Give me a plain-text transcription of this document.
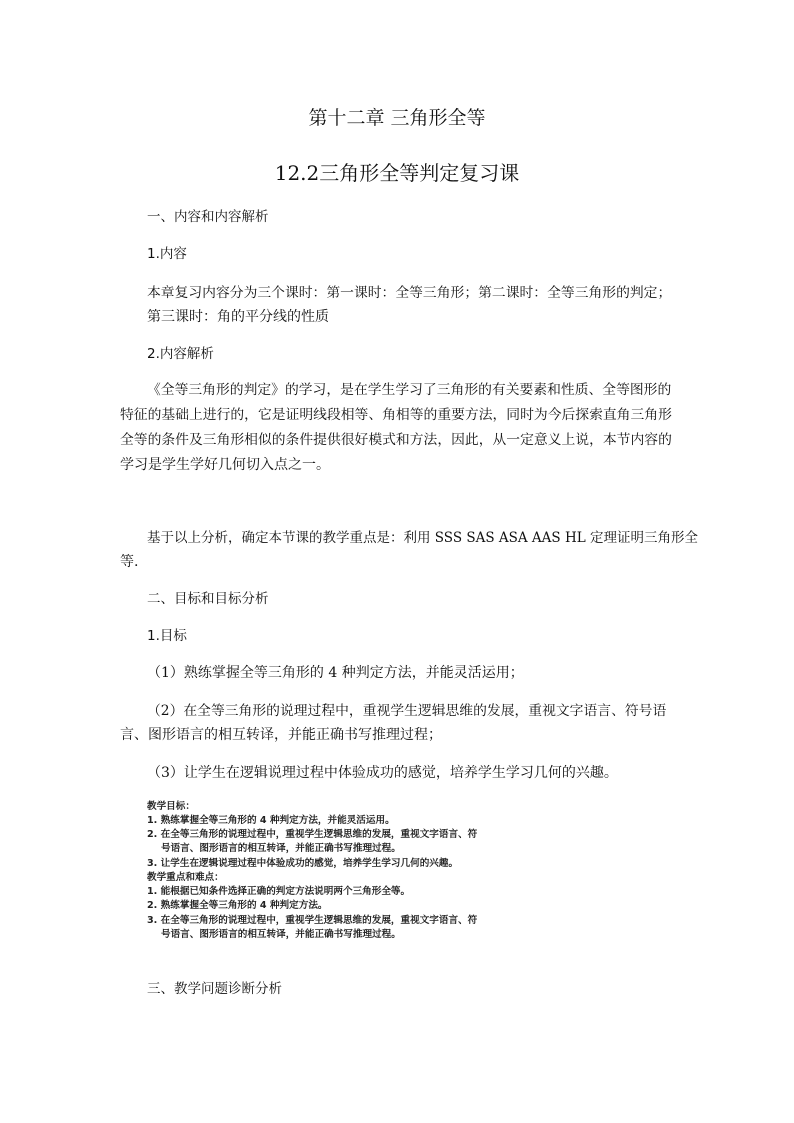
第十二章 三角形全等
12.2三角形全等判定复习课
一、内容和内容解析
1.内容
本章复习内容分为三个课时：第一课时：全等三角形；第二课时：全等三角形的判定；
第三课时：角的平分线的性质
2.内容解析
《全等三角形的判定》的学习，是在学生学习了三角形的有关要素和性质、全等图形的
特征的基础上进行的，它是证明线段相等、角相等的重要方法，同时为今后探索直角三角形
全等的条件及三角形相似的条件提供很好模式和方法，因此，从一定意义上说，本节内容的
学习是学生学好几何切入点之一。
基于以上分析，确定本节课的教学重点是：利用 SSS SAS ASA AAS HL 定理证明三角形全
等.
二、目标和目标分析
1.目标
（1）熟练掌握全等三角形的 4 种判定方法，并能灵活运用；
（2）在全等三角形的说理过程中，重视学生逻辑思维的发展，重视文字语言、符号语
言、图形语言的相互转译，并能正确书写推理过程；
（3）让学生在逻辑说理过程中体验成功的感觉，培养学生学习几何的兴趣。
教学目标：
1. 熟练掌握全等三角形的 4 种判定方法，并能灵活运用。
2. 在全等三角形的说理过程中，重视学生逻辑思维的发展，重视文字语言、符
号语言、图形语言的相互转译，并能正确书写推理过程。
3. 让学生在逻辑说理过程中体验成功的感觉，培养学生学习几何的兴趣。
教学重点和难点：
1. 能根据已知条件选择正确的判定方法说明两个三角形全等。
2. 熟练掌握全等三角形的 4 种判定方法。
3. 在全等三角形的说理过程中，重视学生逻辑思维的发展，重视文字语言、符
号语言、图形语言的相互转译，并能正确书写推理过程。
三、教学问题诊断分析
